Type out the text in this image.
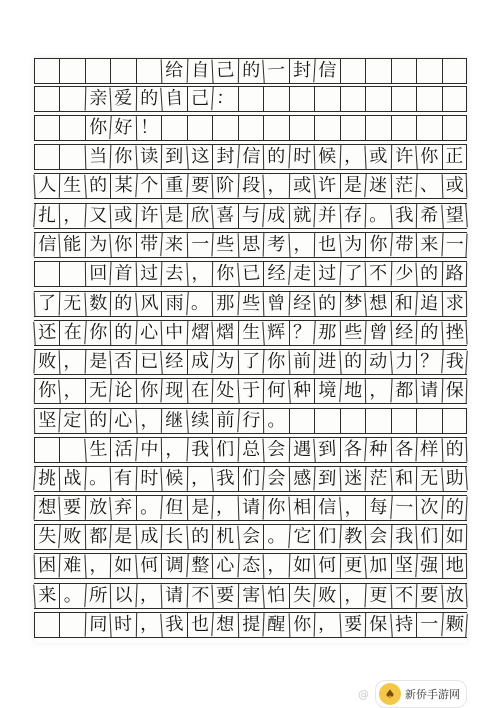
给 自 己 的 一 封 信
亲 爱 的 自 己 ：
你 好 ！
当 你 读 到 这 封 信 的 时 候 ， 或 许 你 正
人 生 的 某 个 重 要 阶 段 ， 或 许 是 迷 茫 、 或
扎 ， 又 或 许 是 欣 喜 与 成 就 并 存 。 我 希 望
信 能 为 你 带 来 一 些 思 考 ， 也 为 你 带 来 一
回 首 过 去 ， 你 已 经 走 过 了 不 少 的 路
了 无 数 的 风 雨 。 那 些 曾 经 的 梦 想 和 追 求
还 在 你 的 心 中 熠 熠 生 辉 ？ 那 些 曾 经 的 挫
败 ， 是 否 已 经 成 为 了 你 前 进 的 动 力 ？ 我
你 ， 无 论 你 现 在 处 于 何 种 境 地 ， 都 请 保
坚 定 的 心 ， 继 续 前 行 。
生 活 中 ， 我 们 总 会 遇 到 各 种 各 样 的
挑 战 。 有 时 候 ， 我 们 会 感 到 迷 茫 和 无 助
想 要 放 弃 。 但 是 ， 请 你 相 信 ， 每 一 次 的
失 败 都 是 成 长 的 机 会 。 它 们 教 会 我 们 如
困 难 ， 如 何 调 整 心 态 ， 如 何 更 加 坚 强 地
来 。 所 以 ， 请 不 要 害 怕 失 败 ， 更 不 要 放
同 时 ， 我 也 想 提 醒 你 ， 要 保 持 一 颗
@	♠ 新侨手游网
